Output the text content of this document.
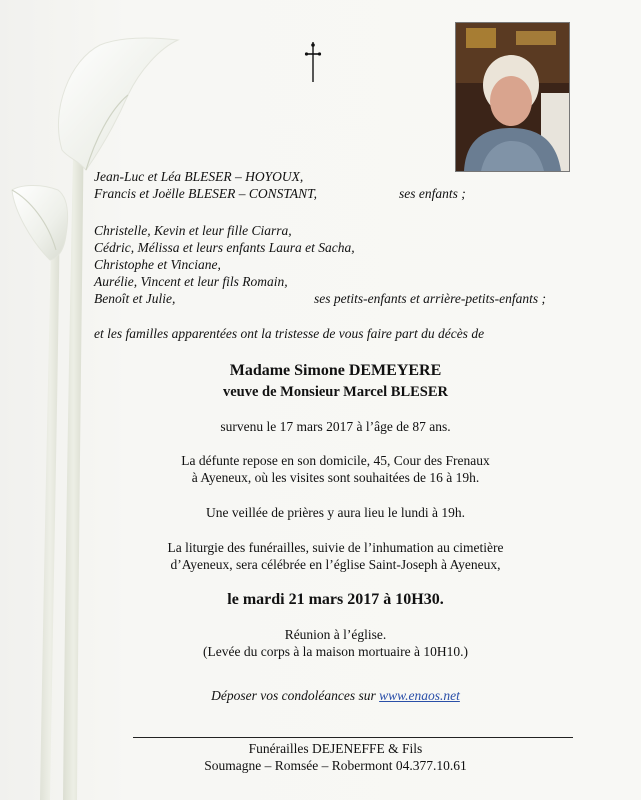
Jean-Luc et Léa BLESER – HOYOUX,
Francis et Joëlle BLESER – CONSTANT,	ses enfants ;
Christelle, Kevin et leur fille Ciarra,
Cédric, Mélissa et leurs enfants Laura et Sacha,
Christophe et Vinciane,
Aurélie, Vincent et leur fils Romain,
Benoît et Julie,	ses petits-enfants et arrière-petits-enfants ;
et les familles apparentées ont la tristesse de vous faire part du décès de
Madame Simone DEMEYERE
veuve de Monsieur Marcel BLESER
survenu le 17 mars 2017 à l’âge de 87 ans.
La défunte repose en son domicile, 45, Cour des Frenaux
à Ayeneux, où les visites sont souhaitées de 16 à 19h.
Une veillée de prières y aura lieu le lundi à 19h.
La liturgie des funérailles, suivie de l’inhumation au cimetière
d’Ayeneux, sera célébrée en l’église Saint-Joseph à Ayeneux,
le mardi 21 mars 2017 à 10H30.
Réunion à l’église.
(Levée du corps à la maison mortuaire à 10H10.)
Déposer vos condoléances sur www.enaos.net
Funérailles DEJENEFFE & Fils
Soumagne – Romsée – Robermont 04.377.10.61
